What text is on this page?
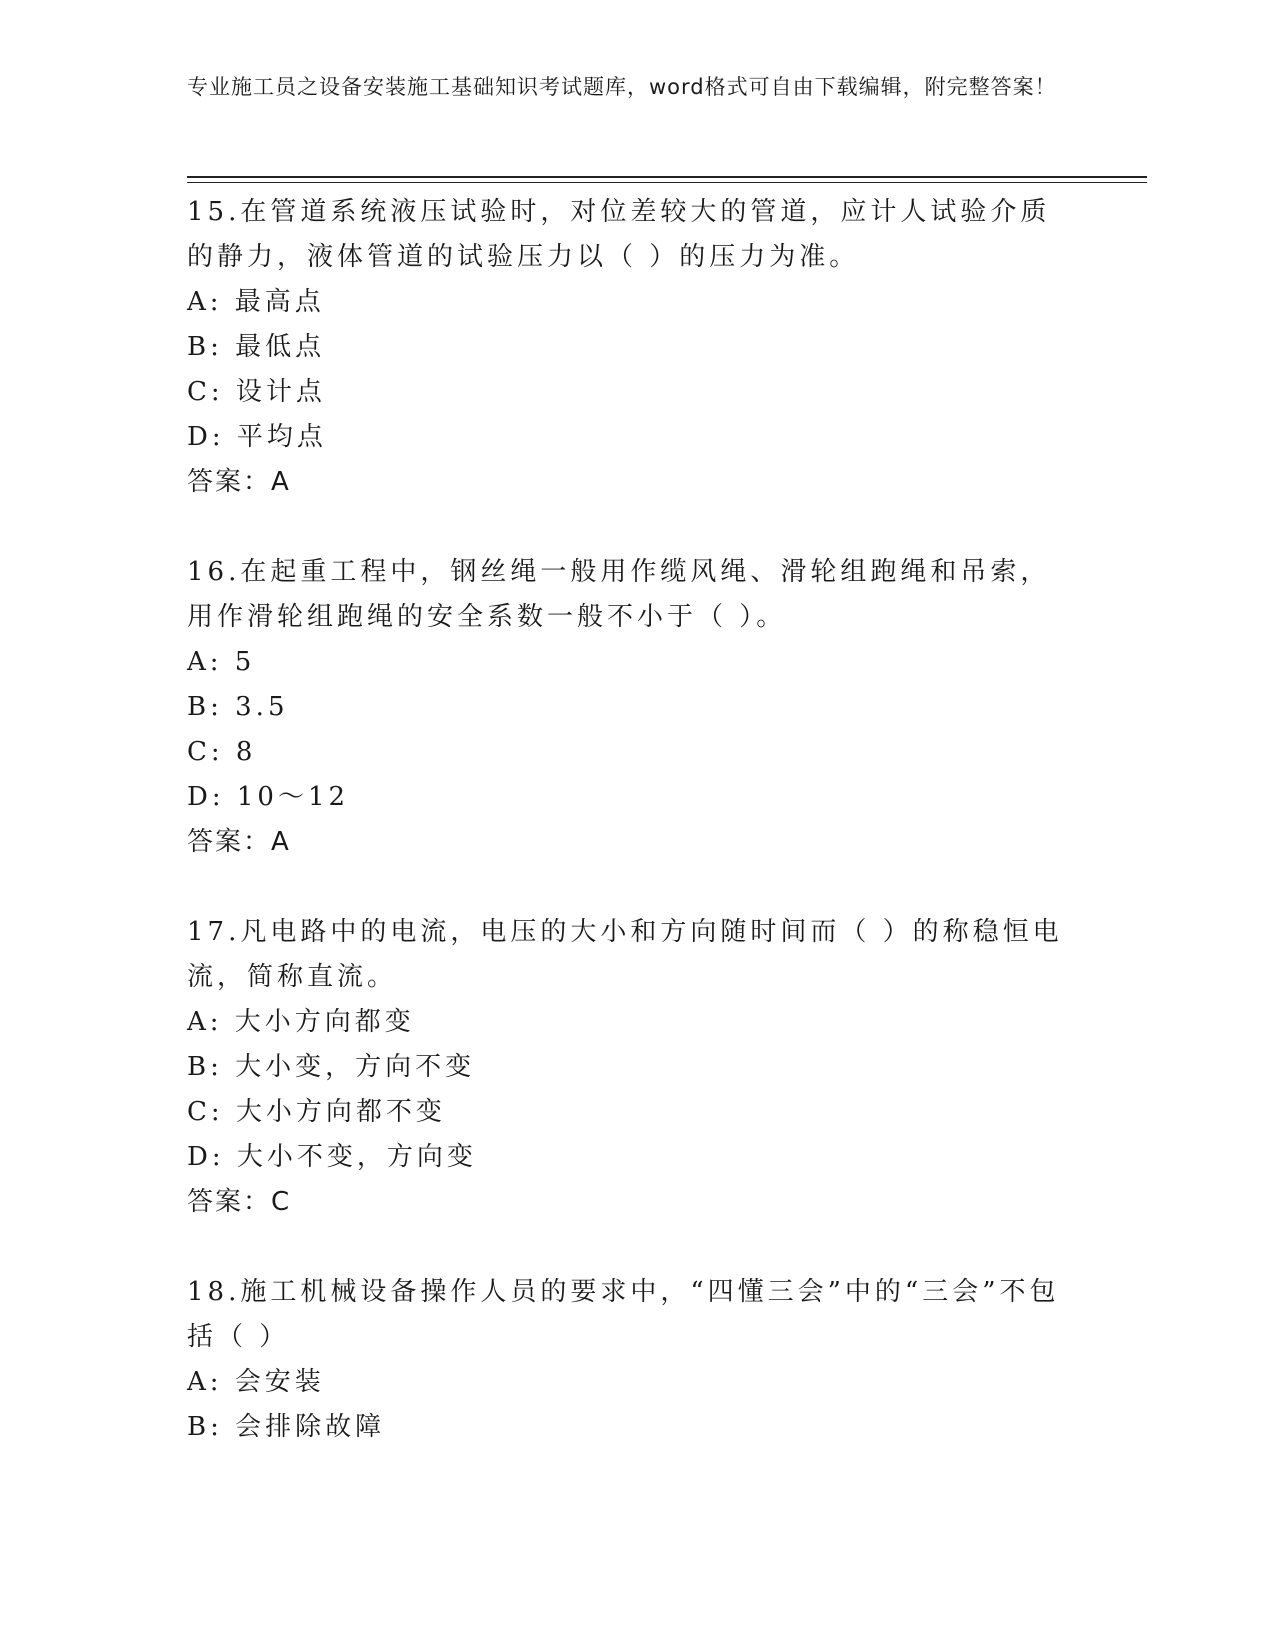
专业施工员之设备安装施工基础知识考试题库，word格式可自由下载编辑，附完整答案！

15.在管道系统液压试验时，对位差较大的管道，应计人试验介质的静力，液体管道的试验压力以（ ）的压力为准。

A: 最高点

B: 最低点

C: 设计点

D: 平均点

答案：A

16.在起重工程中，钢丝绳一般用作缆风绳、滑轮组跑绳和吊索，用作滑轮组跑绳的安全系数一般不小于（ ）。

A: 5

B: 3.5

C: 8

D: 10～12

答案：A

17.凡电路中的电流，电压的大小和方向随时间而（ ）的称稳恒电流，简称直流。

A: 大小方向都变

B: 大小变，方向不变

C: 大小方向都不变

D: 大小不变，方向变

答案：C

18.施工机械设备操作人员的要求中，“四懂三会”中的“三会”不包括（ ）

A: 会安装

B: 会排除故障
